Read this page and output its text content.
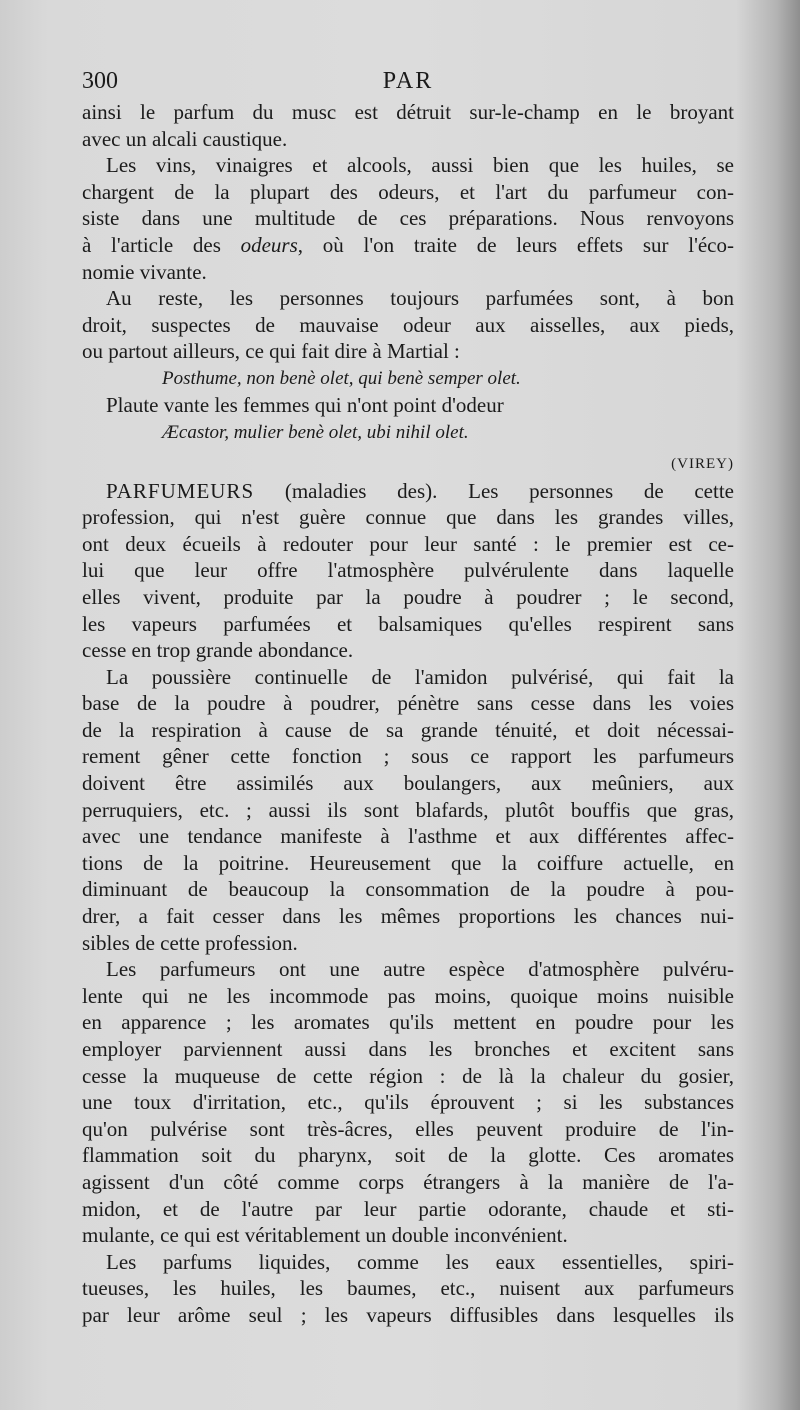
300	PAR
ainsi le parfum du musc est détruit sur-le-champ en le broyant
avec un alcali caustique.
Les vins, vinaigres et alcools, aussi bien que les huiles, se
chargent de la plupart des odeurs, et l'art du parfumeur con-
siste dans une multitude de ces préparations. Nous renvoyons
à l'article des odeurs, où l'on traite de leurs effets sur l'éco-
nomie vivante.
Au reste, les personnes toujours parfumées sont, à bon
droit, suspectes de mauvaise odeur aux aisselles, aux pieds,
ou partout ailleurs, ce qui fait dire à Martial :
Posthume, non benè olet, qui benè semper olet.
Plaute vante les femmes qui n'ont point d'odeur
Æcastor, mulier benè olet, ubi nihil olet.
(VIREY)
PARFUMEURS (maladies des). Les personnes de cette
profession, qui n'est guère connue que dans les grandes villes,
ont deux écueils à redouter pour leur santé : le premier est ce-
lui que leur offre l'atmosphère pulvérulente dans laquelle
elles vivent, produite par la poudre à poudrer ; le second,
les vapeurs parfumées et balsamiques qu'elles respirent sans
cesse en trop grande abondance.
La poussière continuelle de l'amidon pulvérisé, qui fait la
base de la poudre à poudrer, pénètre sans cesse dans les voies
de la respiration à cause de sa grande ténuité, et doit nécessai-
rement gêner cette fonction ; sous ce rapport les parfumeurs
doivent être assimilés aux boulangers, aux meûniers, aux
perruquiers, etc. ; aussi ils sont blafards, plutôt bouffis que gras,
avec une tendance manifeste à l'asthme et aux différentes affec-
tions de la poitrine. Heureusement que la coiffure actuelle, en
diminuant de beaucoup la consommation de la poudre à pou-
drer, a fait cesser dans les mêmes proportions les chances nui-
sibles de cette profession.
Les parfumeurs ont une autre espèce d'atmosphère pulvéru-
lente qui ne les incommode pas moins, quoique moins nuisible
en apparence ; les aromates qu'ils mettent en poudre pour les
employer parviennent aussi dans les bronches et excitent sans
cesse la muqueuse de cette région : de là la chaleur du gosier,
une toux d'irritation, etc., qu'ils éprouvent ; si les substances
qu'on pulvérise sont très-âcres, elles peuvent produire de l'in-
flammation soit du pharynx, soit de la glotte. Ces aromates
agissent d'un côté comme corps étrangers à la manière de l'a-
midon, et de l'autre par leur partie odorante, chaude et sti-
mulante, ce qui est véritablement un double inconvénient.
Les parfums liquides, comme les eaux essentielles, spiri-
tueuses, les huiles, les baumes, etc., nuisent aux parfumeurs
par leur arôme seul ; les vapeurs diffusibles dans lesquelles ils
